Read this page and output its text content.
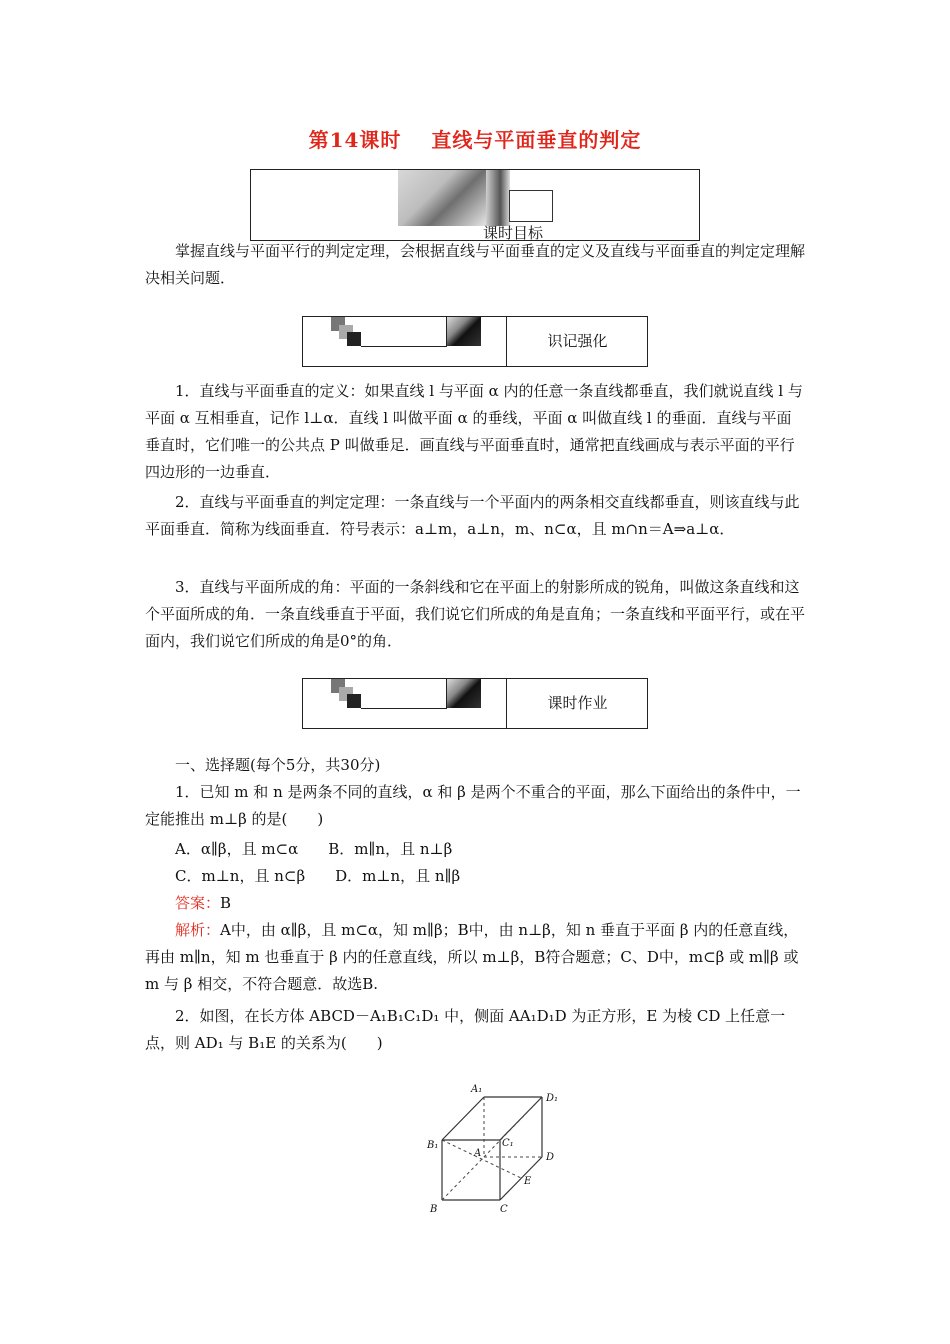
第14课时 直线与平面垂直的判定
课时目标

掌握直线与平面平行的判定定理，会根据直线与平面垂直的定义及直线与平面垂直的判定定理解决相关问题．

识记强化

1．直线与平面垂直的定义：如果直线 l 与平面 α 内的任意一条直线都垂直，我们就说直线 l 与平面 α 互相垂直，记作 l⊥α．直线 l 叫做平面 α 的垂线，平面 α 叫做直线 l 的垂面．直线与平面垂直时，它们唯一的公共点 P 叫做垂足．画直线与平面垂直时，通常把直线画成与表示平面的平行四边形的一边垂直．

2．直线与平面垂直的判定定理：一条直线与一个平面内的两条相交直线都垂直，则该直线与此平面垂直．简称为线面垂直．符号表示：a⊥m，a⊥n，m、n⊂α，且 m∩n＝A⇒a⊥α．

3．直线与平面所成的角：平面的一条斜线和它在平面上的射影所成的锐角，叫做这条直线和这个平面所成的角．一条直线垂直于平面，我们说它们所成的角是直角；一条直线和平面平行，或在平面内，我们说它们所成的角是0°的角．

课时作业

一、选择题(每个5分，共30分)

1．已知 m 和 n 是两条不同的直线，α 和 β 是两个不重合的平面，那么下面给出的条件中，一定能推出 m⊥β 的是(　　)

A．α∥β，且 m⊂α　　B．m∥n，且 n⊥β

C．m⊥n，且 n⊂β　　D．m⊥n，且 n∥β

答案：B

解析：A中，由 α∥β，且 m⊂α，知 m∥β；B中，由 n⊥β，知 n 垂直于平面 β 内的任意直线，再由 m∥n，知 m 也垂直于 β 内的任意直线，所以 m⊥β，B符合题意；C、D中，m⊂β 或 m∥β 或 m 与 β 相交，不符合题意．故选B.

2．如图，在长方体 ABCD－A₁B₁C₁D₁ 中，侧面 AA₁D₁D 为正方形，E 为棱 CD 上任意一点，则 AD₁ 与 B₁E 的关系为(　　)

A₁
D₁
B₁	C₁
A	D
E
B	C
